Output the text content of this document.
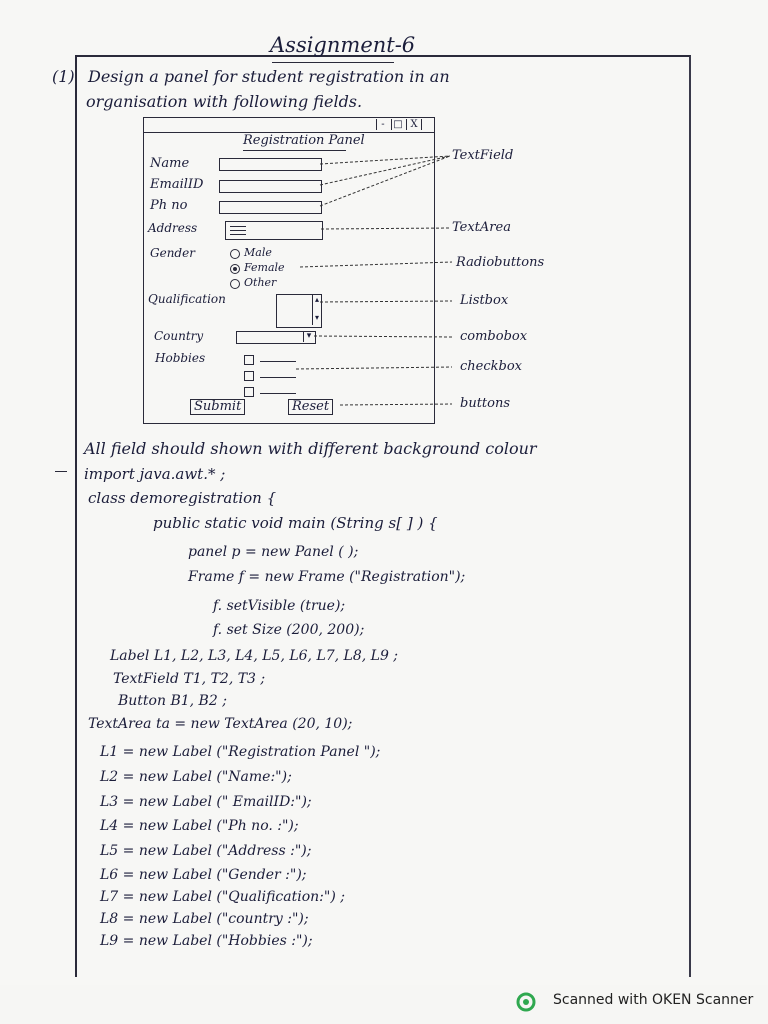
Assignment-6
(1) Design a panel for student registration in an
organisation with following fields.
- □ X
Registration Panel
Name
EmailID
Ph no
Address
Gender	Male
Female
Other
Qualification	▴

▾
Country	▾
Hobbies
Submit	Reset
TextField
TextArea
Radiobuttons
Listbox
combobox
checkbox
buttons
All field should shown with different background colour
import java.awt.* ;
class demoregistration {
public static void main (String s[ ] ) {
panel p = new Panel ( );
Frame f = new Frame ("Registration");
f. setVisible (true);
f. set Size (200, 200);
Label L1, L2, L3, L4, L5, L6, L7, L8, L9 ;
TextField T1, T2, T3 ;
Button B1, B2 ;
TextArea ta = new TextArea (20, 10);
L1 = new Label ("Registration Panel ");
L2 = new Label ("Name:");
L3 = new Label (" EmailID:");
L4 = new Label ("Ph no. :");
L5 = new Label ("Address :");
L6 = new Label ("Gender :");
L7 = new Label ("Qualification:") ;
L8 = new Label ("country :");
L9 = new Label ("Hobbies :");
Scanned with OKEN Scanner
